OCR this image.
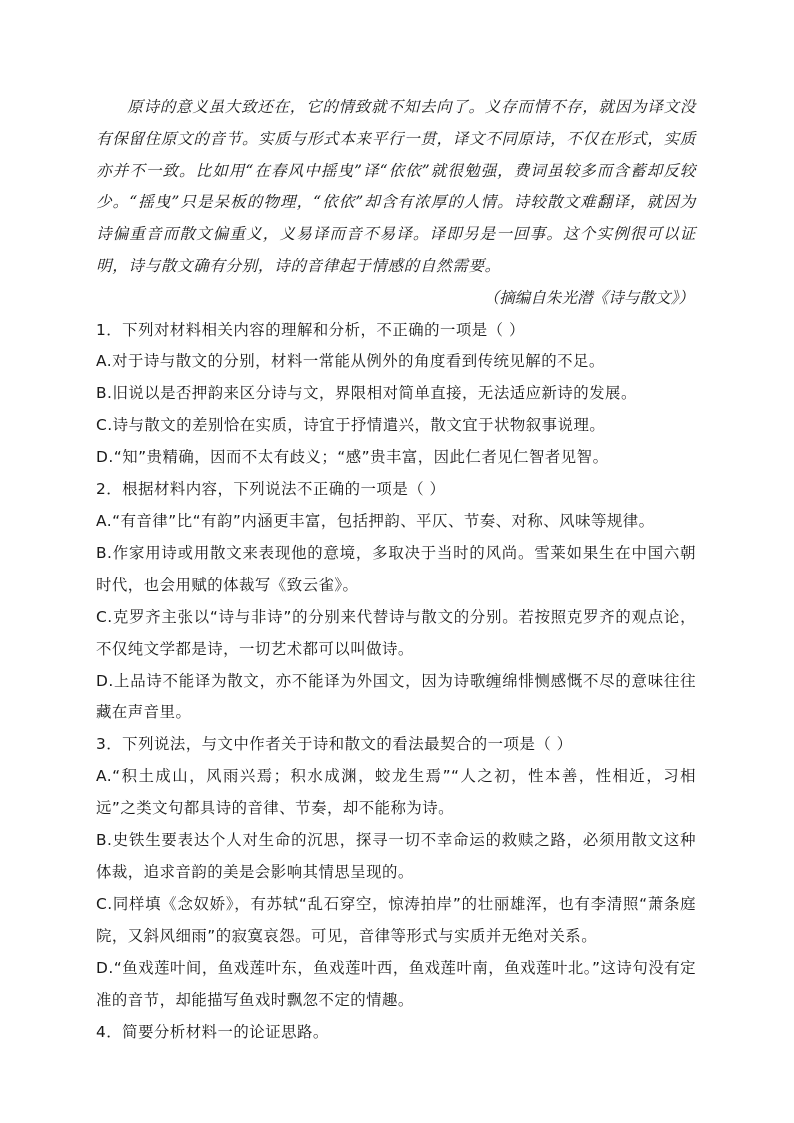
原诗的意义虽大致还在，它的情致就不知去向了。义存而情不存，就因为译文没有保留住原文的音节。实质与形式本来平行一贯，译文不同原诗，不仅在形式，实质亦并不一致。比如用“在春风中摇曳”译“依依”就很勉强，费词虽较多而含蓄却反较少。“摇曳”只是呆板的物理，“依依”却含有浓厚的人情。诗较散文难翻译，就因为诗偏重音而散文偏重义，义易译而音不易译。译即另是一回事。这个实例很可以证明，诗与散文确有分别，诗的音律起于情感的自然需要。

（摘编自朱光潜《诗与散文》）

1．下列对材料相关内容的理解和分析，不正确的一项是（ ）

A.对于诗与散文的分别，材料一常能从例外的角度看到传统见解的不足。

B.旧说以是否押韵来区分诗与文，界限相对简单直接，无法适应新诗的发展。

C.诗与散文的差别恰在实质，诗宜于抒情遣兴，散文宜于状物叙事说理。

D.“知”贵精确，因而不太有歧义；“感”贵丰富，因此仁者见仁智者见智。

2．根据材料内容，下列说法不正确的一项是（ ）

A.“有音律”比“有韵”内涵更丰富，包括押韵、平仄、节奏、对称、风味等规律。

B.作家用诗或用散文来表现他的意境，多取决于当时的风尚。雪莱如果生在中国六朝时代，也会用赋的体裁写《致云雀》。

C.克罗齐主张以“诗与非诗”的分别来代替诗与散文的分别。若按照克罗齐的观点论，不仅纯文学都是诗，一切艺术都可以叫做诗。

D.上品诗不能译为散文，亦不能译为外国文，因为诗歌缠绵悱恻感慨不尽的意味往往藏在声音里。

3．下列说法，与文中作者关于诗和散文的看法最契合的一项是（ ）

A.“积土成山，风雨兴焉；积水成渊，蛟龙生焉”“人之初，性本善，性相近，习相远”之类文句都具诗的音律、节奏，却不能称为诗。

B.史铁生要表达个人对生命的沉思，探寻一切不幸命运的救赎之路，必须用散文这种体裁，追求音韵的美是会影响其情思呈现的。

C.同样填《念奴娇》，有苏轼“乱石穿空，惊涛拍岸”的壮丽雄浑，也有李清照“萧条庭院，又斜风细雨”的寂寞哀怨。可见，音律等形式与实质并无绝对关系。

D.“鱼戏莲叶间，鱼戏莲叶东，鱼戏莲叶西，鱼戏莲叶南，鱼戏莲叶北。”这诗句没有定准的音节，却能描写鱼戏时飘忽不定的情趣。

4．简要分析材料一的论证思路。
